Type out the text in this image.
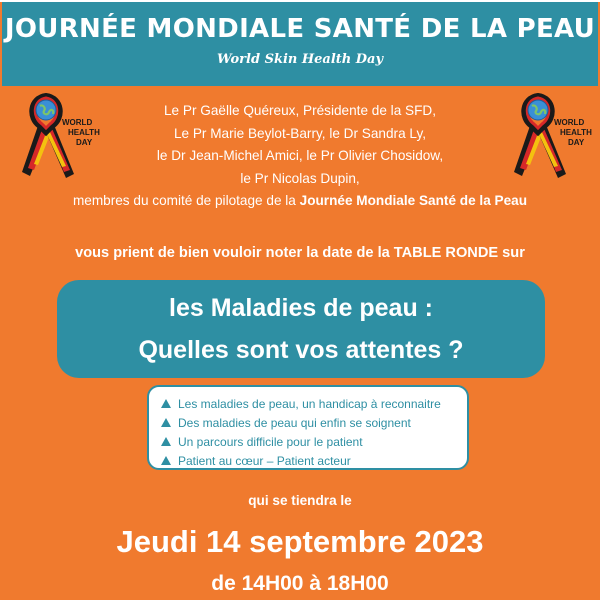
JOURNÉE MONDIALE SANTÉ DE LA PEAU
World Skin Health Day
WORLD
HEALTH
DAY
WORLD
HEALTH
DAY
Le Pr Gaëlle Quéreux, Présidente de la SFD,
Le Pr Marie Beylot-Barry, le Dr Sandra Ly,
le Dr Jean-Michel Amici, le Pr Olivier Chosidow,
le Pr Nicolas Dupin,
membres du comité de pilotage de la Journée Mondiale Santé de la Peau
vous prient de bien vouloir noter la date de la TABLE RONDE sur
les Maladies de peau :
Quelles sont vos attentes ?
Les maladies de peau, un handicap à reconnaitre
Des maladies de peau qui enfin se soignent
Un parcours difficile pour le patient
Patient au cœur – Patient acteur
qui se tiendra le
Jeudi 14 septembre 2023
de 14H00 à 18H00
